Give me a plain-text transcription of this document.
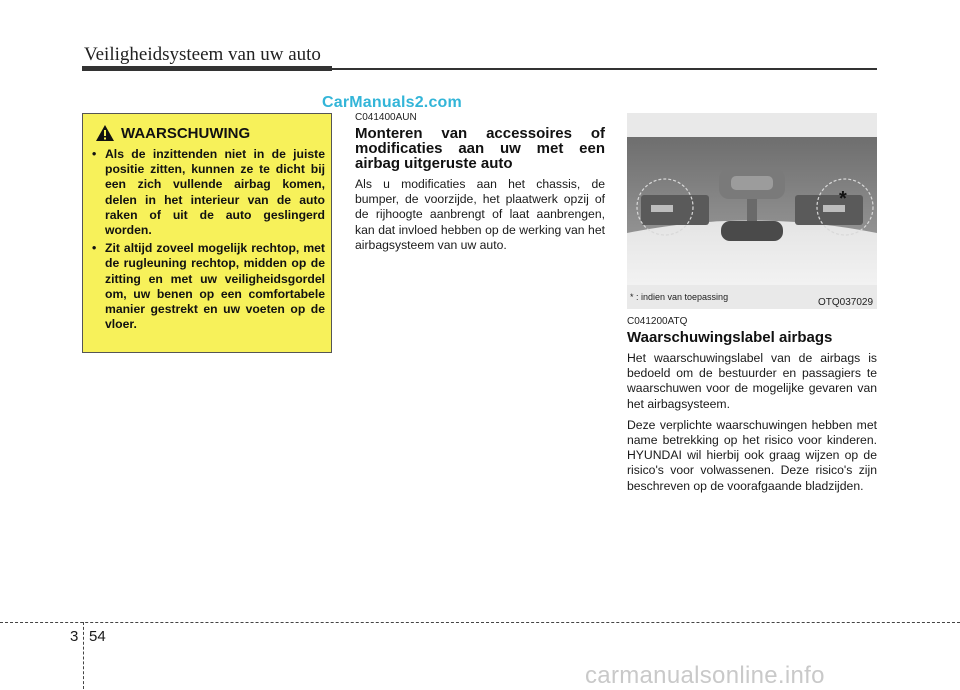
Veiligheidsysteem van uw auto
CarManuals2.com
WAARSCHUWING
• Als de inzittenden niet in de juiste positie zitten, kunnen ze te dicht bij een zich vullende airbag komen, delen in het interieur van de auto raken of uit de auto geslingerd worden.
• Zit altijd zoveel mogelijk rechtop, met de rugleuning rechtop, midden op de zitting en met uw veiligheidsgordel om, uw benen op een comfortabele manier gestrekt en uw voeten op de vloer.
C041400AUN
Monteren van accessoires of modificaties aan uw met een airbag uitgeruste auto

Als u modificaties aan het chassis, de bumper, de voorzijde, het plaatwerk opzij of de rijhoogte aanbrengt of laat aanbrengen, kan dat invloed hebben op de werking van het airbagsysteem van uw auto.

*
* : indien van toepassing	OTQ037029
C041200ATQ
Waarschuwingslabel airbags

Het waarschuwingslabel van de airbags is bedoeld om de bestuurder en passagiers te waarschuwen voor de mogelijke gevaren van het airbagsysteem.

Deze verplichte waarschuwingen hebben met name betrekking op het risico voor kinderen. HYUNDAI wil hierbij ook graag wijzen op de risico's voor volwassenen. Deze risico's zijn beschreven op de voorafgaande bladzijden.

3 54
carmanualsonline.info
